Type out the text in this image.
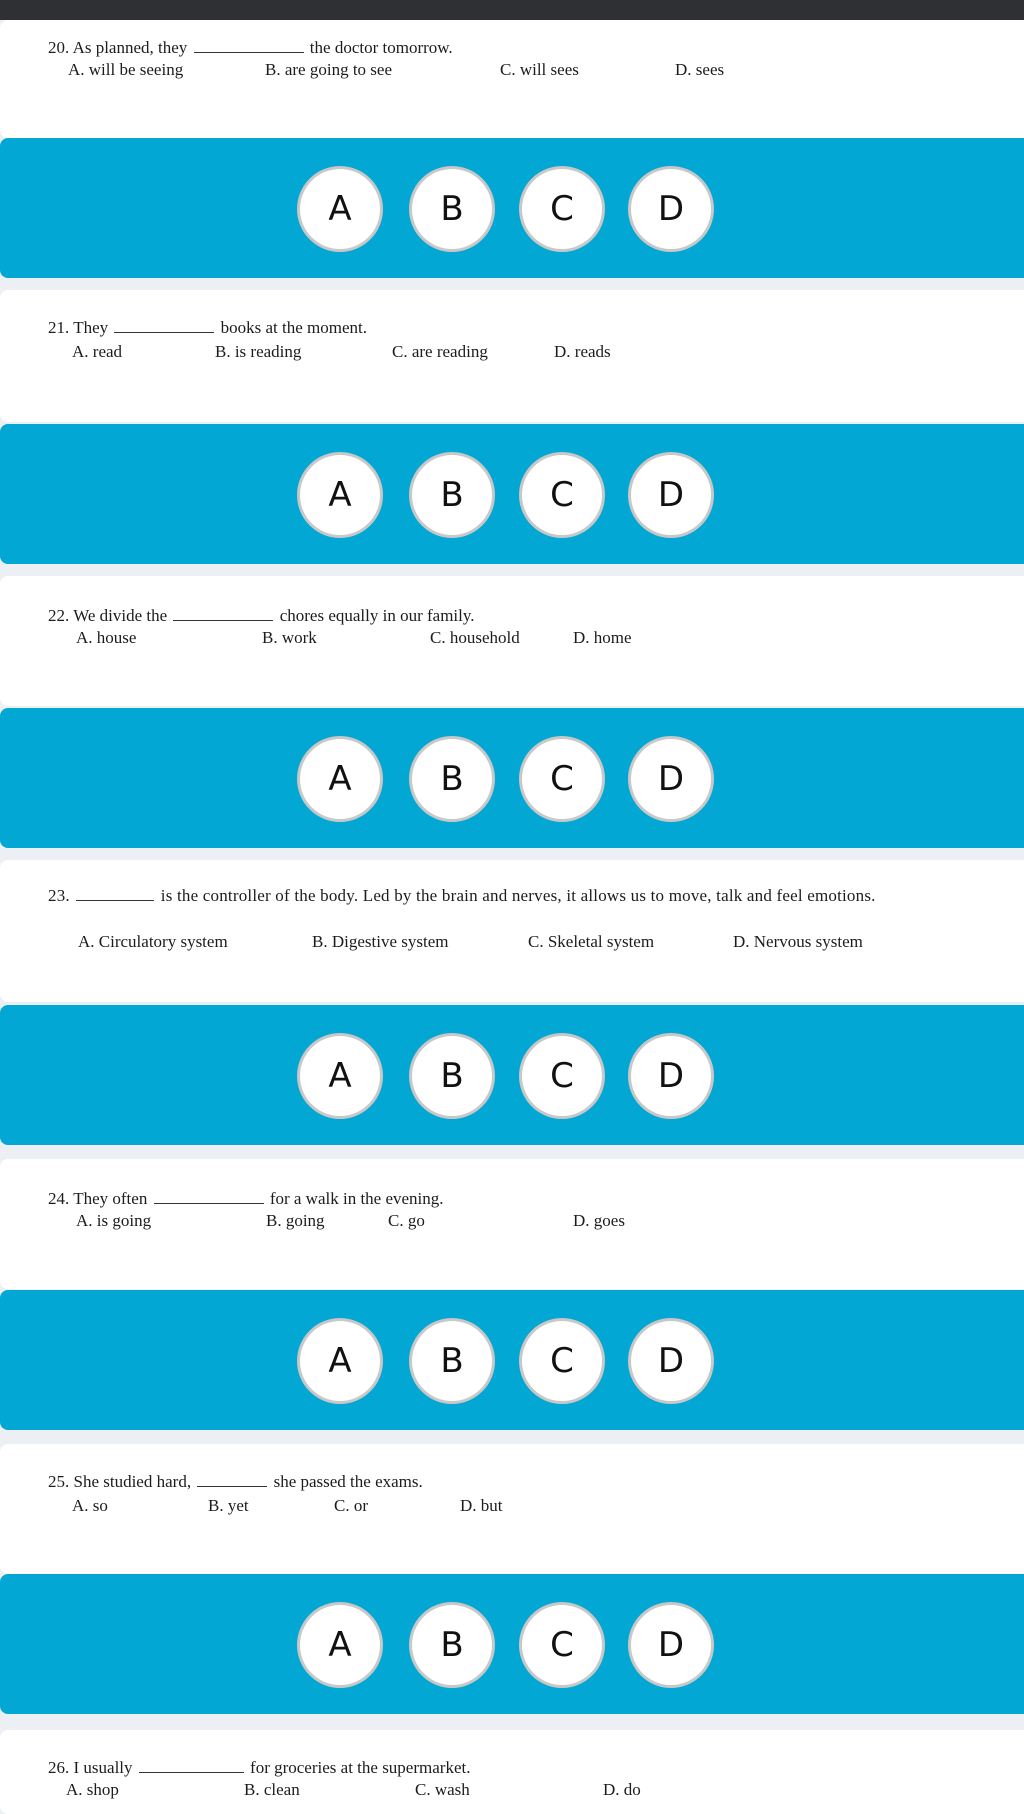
20. As planned, they	the doctor tomorrow.
A. will be seeing	B. are going to see	C. will sees	D. sees
A	B	C	D
21. They	books at the moment.
A. read	B. is reading	C. are reading	D. reads
A	B	C	D
22. We divide the	chores equally in our family.
A. house	B. work	C. household	D. home
A	B	C	D
23.	is the controller of the body. Led by the brain and nerves, it allows us to move, talk and feel emotions.
A. Circulatory system	B. Digestive system	C. Skeletal system	D. Nervous system
A	B	C	D
24. They often	for a walk in the evening.
A. is going	B. going	C. go	D. goes
A	B	C	D
25. She studied hard,	she passed the exams.
A. so	B. yet	C. or	D. but
A	B	C	D
26. I usually	for groceries at the supermarket.
A. shop	B. clean	C. wash	D. do
